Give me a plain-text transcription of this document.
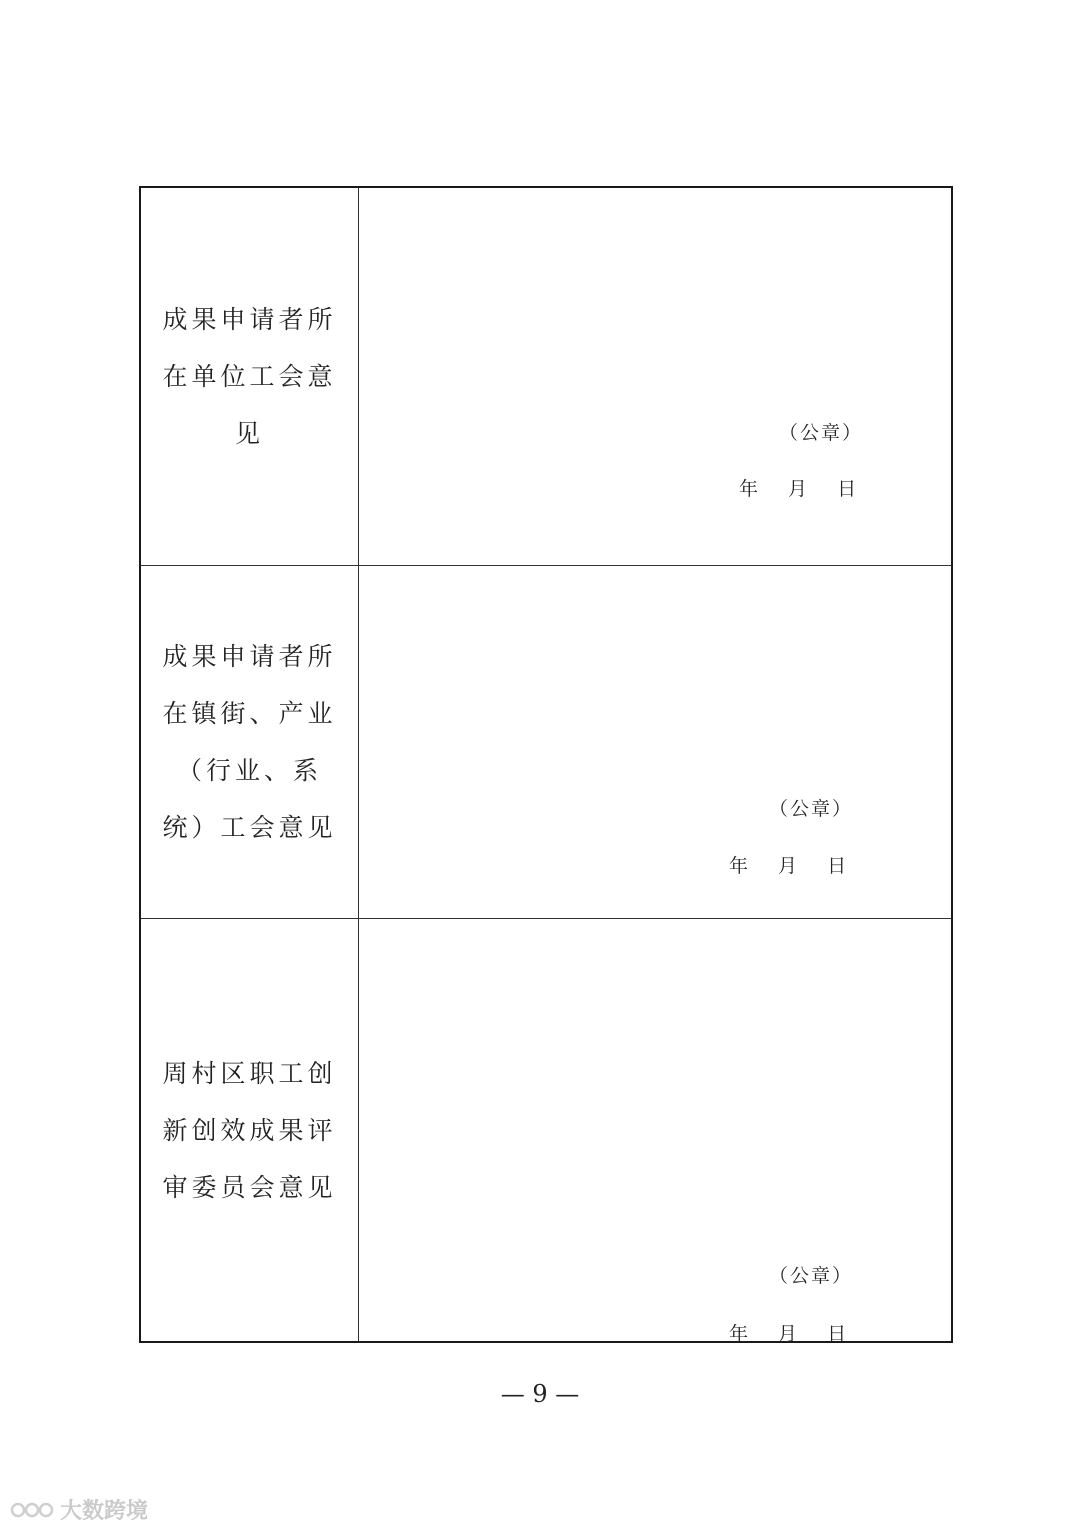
成果申请者所在单位工会意见	（公章）
年 月 日
成果申请者所在镇街、产业（行业、系统）工会意见
（公章）
年 月 日
周村区职工创新创效成果评审委员会意见
（公章）
年 月 日
— 9 —
大数跨境
